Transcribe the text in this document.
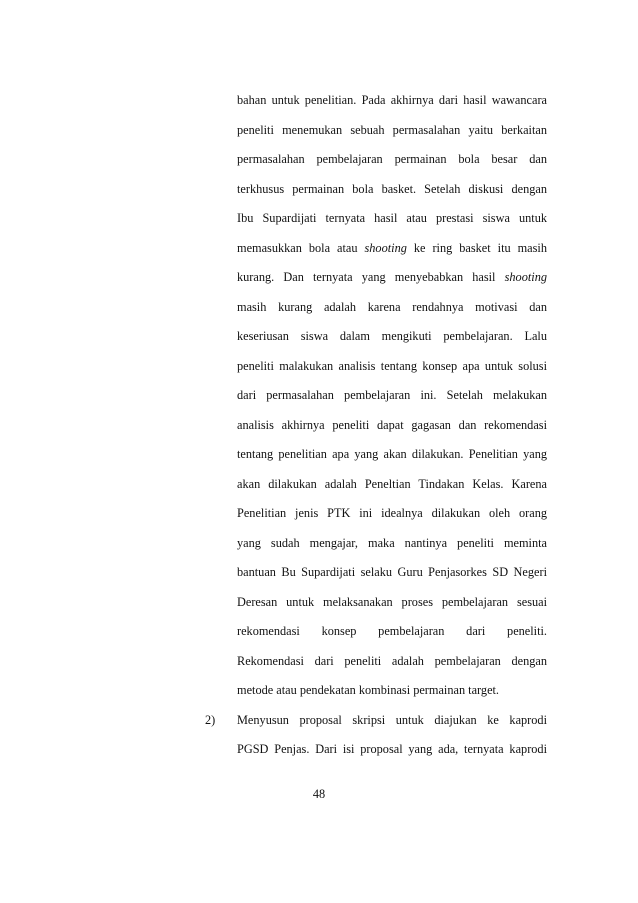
bahan untuk penelitian. Pada akhirnya dari hasil wawancara
peneliti menemukan sebuah permasalahan yaitu berkaitan
permasalahan pembelajaran permainan bola besar dan
terkhusus permainan bola basket. Setelah diskusi dengan
Ibu Supardijati ternyata hasil atau prestasi siswa untuk
memasukkan bola atau shooting ke ring basket itu masih
kurang. Dan ternyata yang menyebabkan hasil shooting
masih kurang adalah karena rendahnya motivasi dan
keseriusan siswa dalam mengikuti pembelajaran. Lalu
peneliti malakukan analisis tentang konsep apa untuk solusi
dari permasalahan pembelajaran ini. Setelah melakukan
analisis akhirnya peneliti dapat gagasan dan rekomendasi
tentang penelitian apa yang akan dilakukan. Penelitian yang
akan dilakukan adalah Peneltian Tindakan Kelas. Karena
Penelitian jenis PTK ini idealnya dilakukan oleh orang
yang sudah mengajar, maka nantinya peneliti meminta
bantuan Bu Supardijati selaku Guru Penjasorkes SD Negeri
Deresan untuk melaksanakan proses pembelajaran sesuai
rekomendasi konsep pembelajaran dari peneliti.
Rekomendasi dari peneliti adalah pembelajaran dengan
metode atau pendekatan kombinasi permainan target.
2) Menyusun proposal skripsi untuk diajukan ke kaprodi
PGSD Penjas. Dari isi proposal yang ada, ternyata kaprodi
48
